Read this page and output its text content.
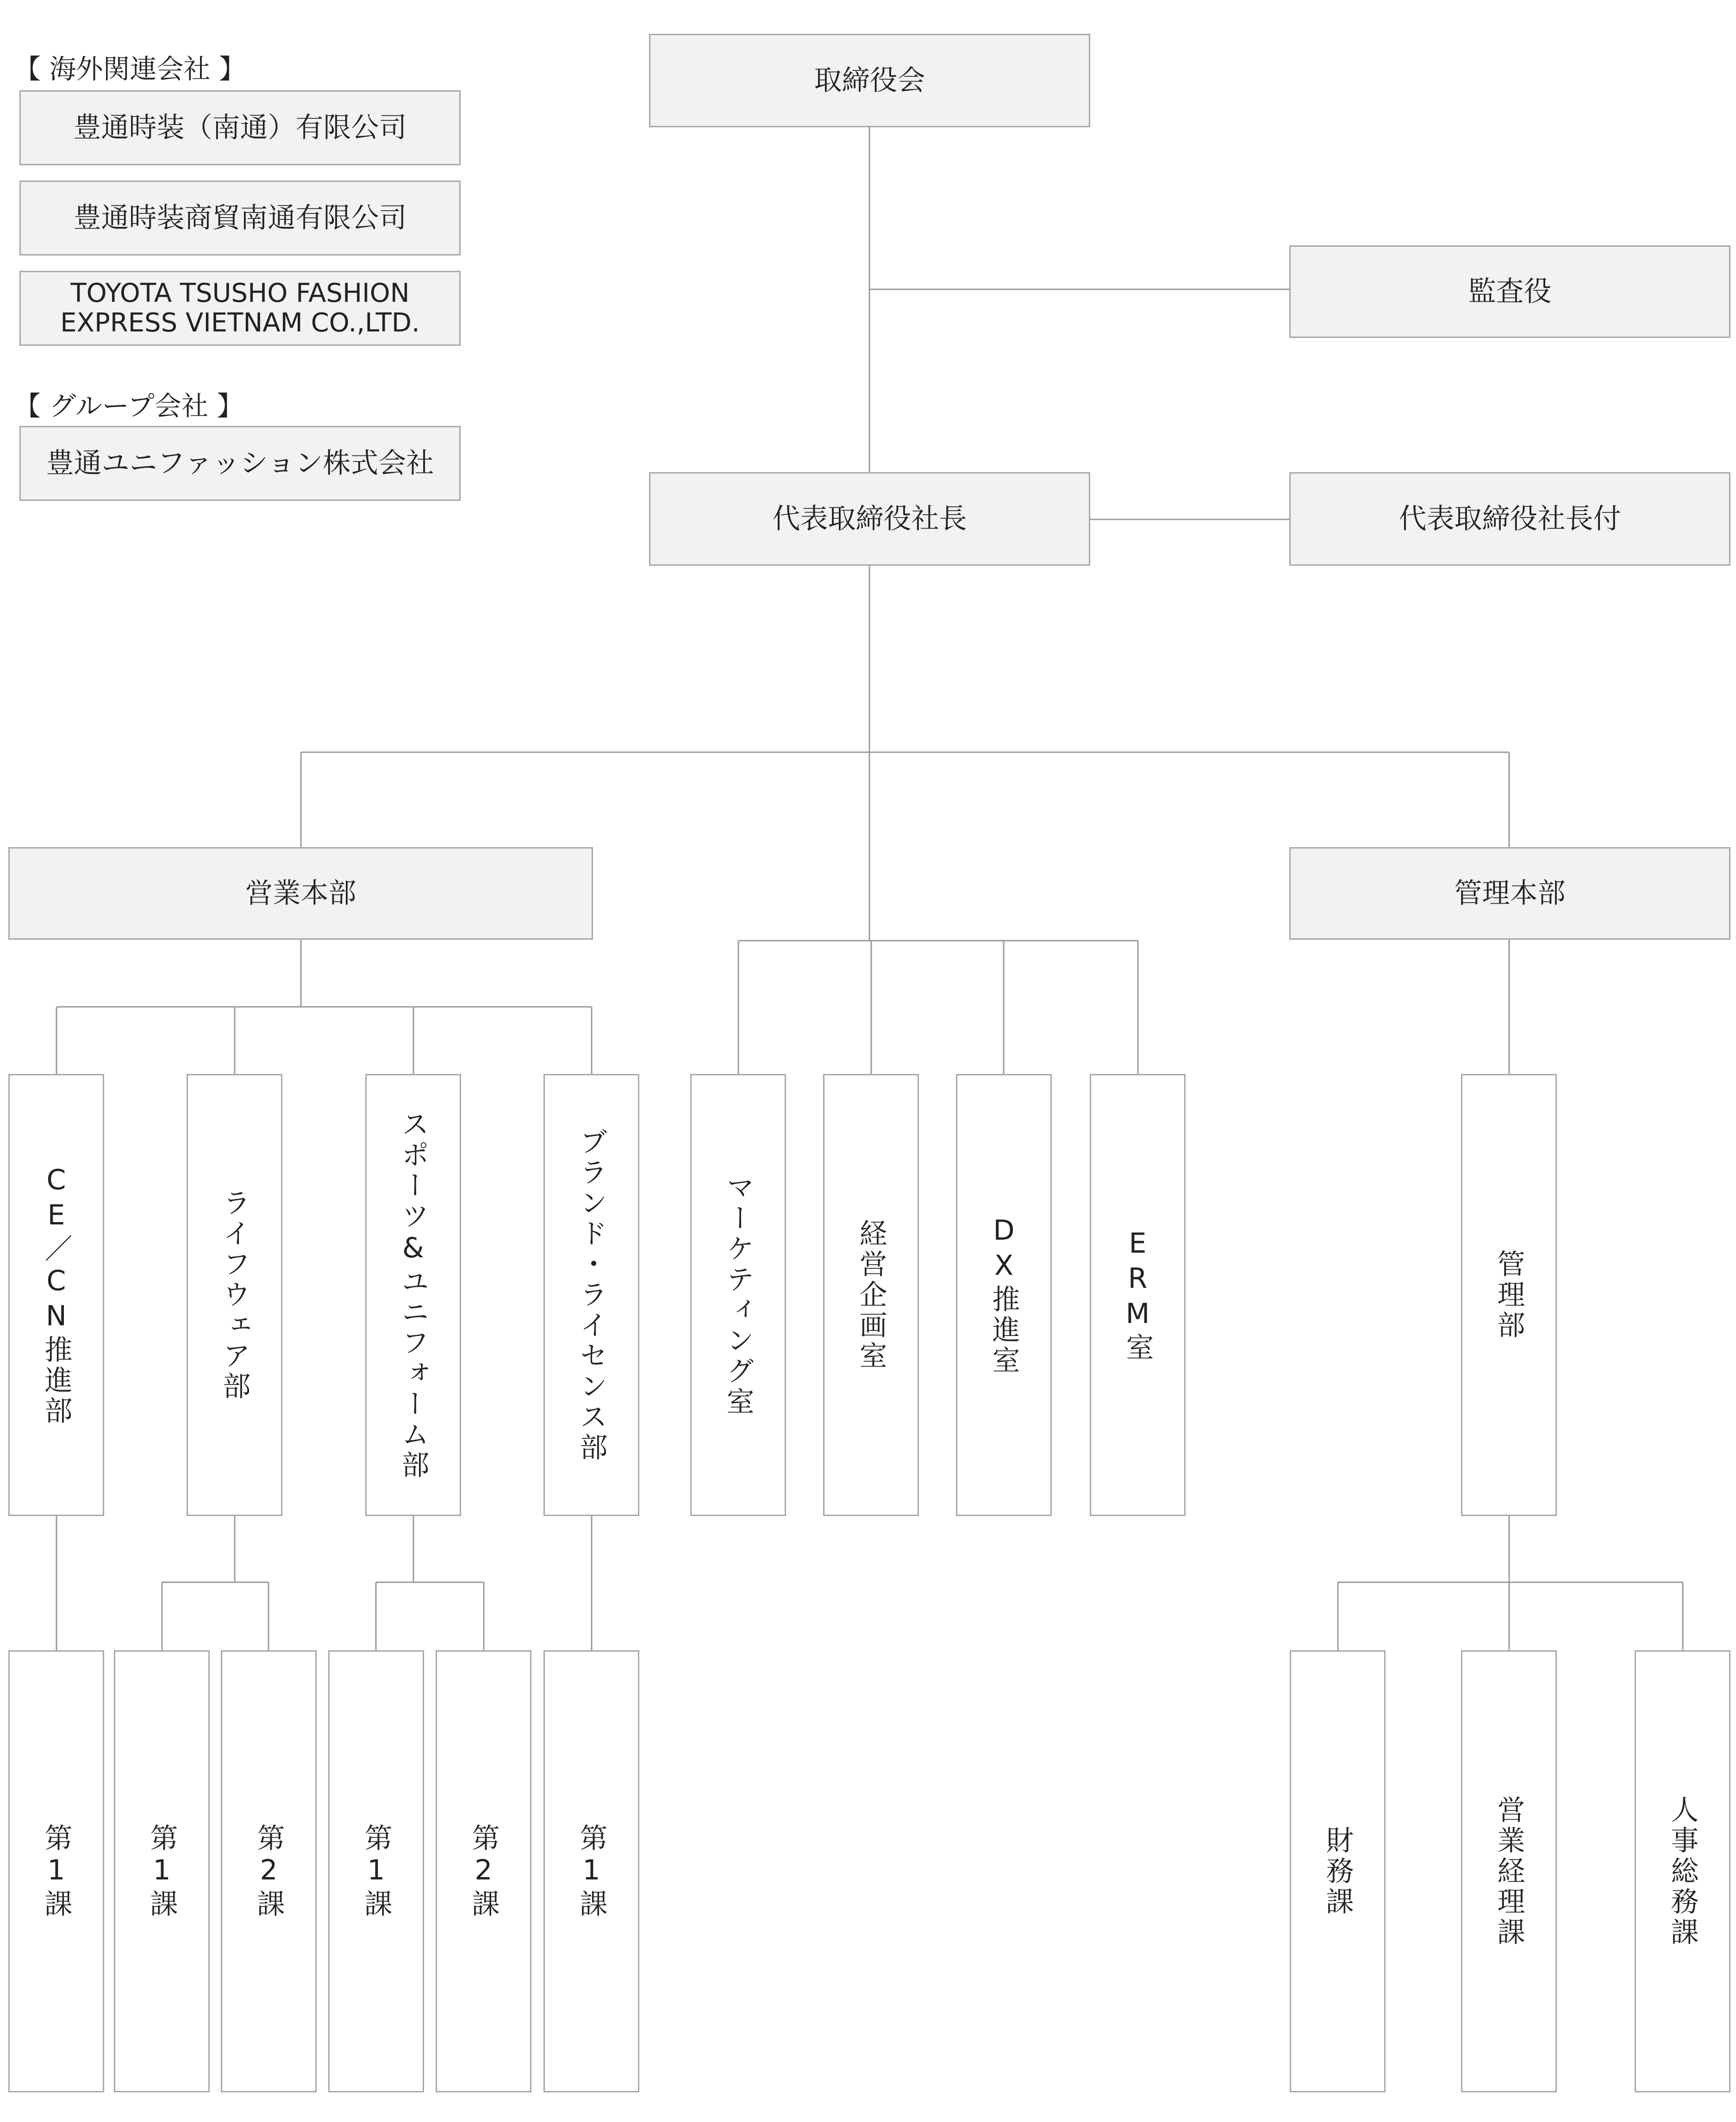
【 海外関連会社 】
豊通時装（南通）有限公司
豊通時装商貿南通有限公司
TOYOTA TSUSHO FASHION
EXPRESS VIETNAM CO.,LTD.
【 グループ会社 】
豊通ユニファッション株式会社
取締役会
監査役
代表取締役社長	代表取締役社長付
営業本部	管理本部
CE／CN推進部	ライフウェア部	スポーツ&ユニフォーム部	ブランド・ライセンス部	マーケティング室	経営企画室	DX推進室	ERM室	管理部
第1課	第1課	第2課	第1課	第2課	第1課	財務課	営業経理課	人事総務課
